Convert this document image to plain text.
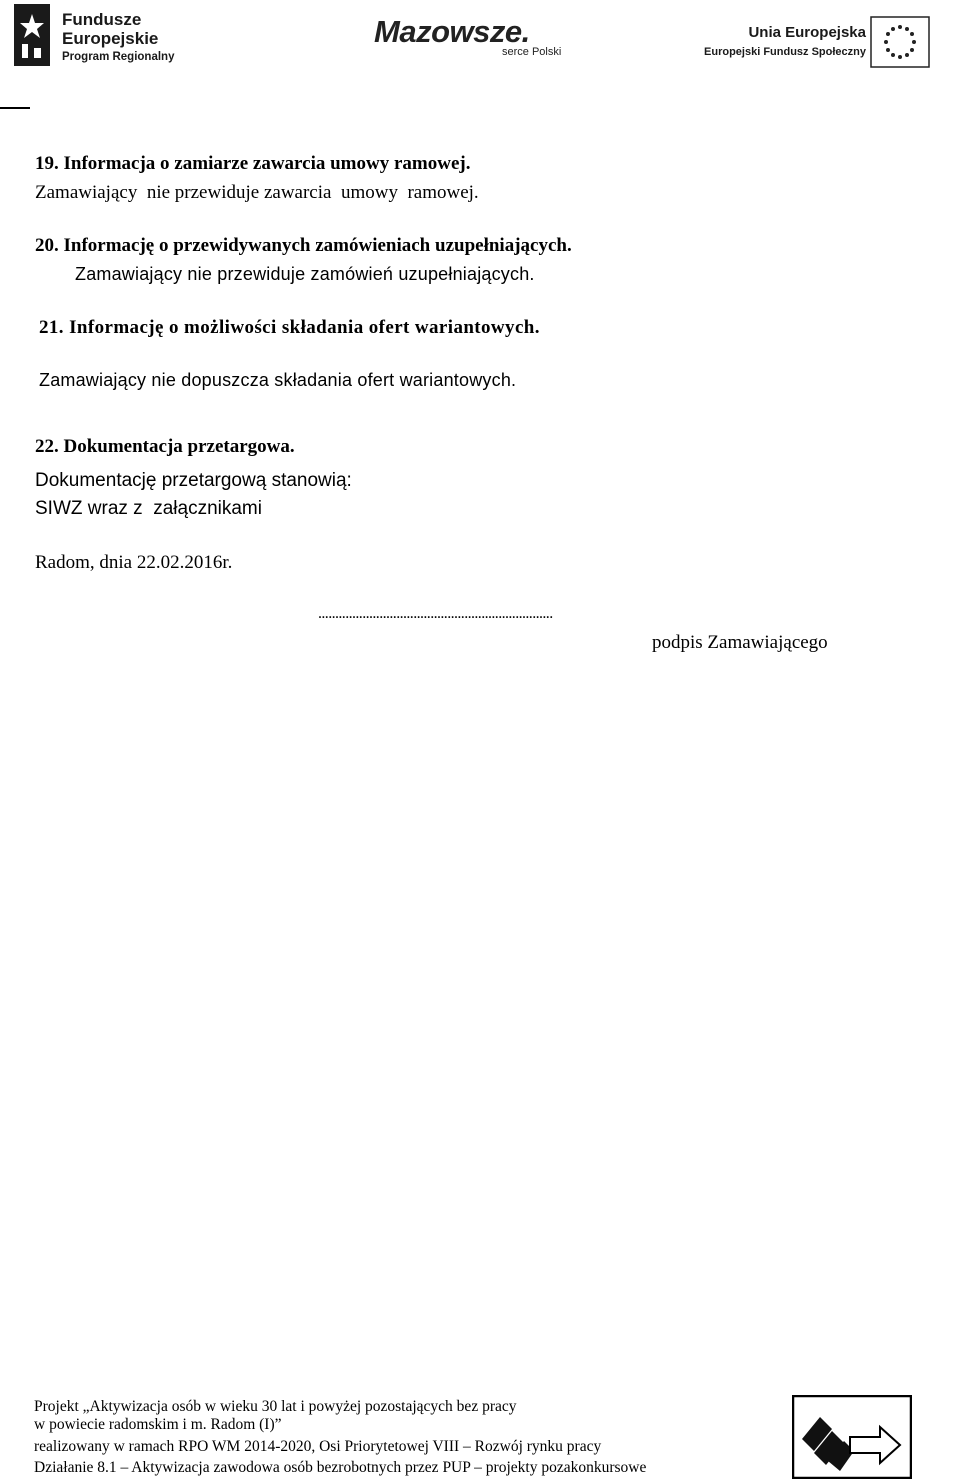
Fundusze
Europejskie
Program Regionalny
Mazowsze.
serce Polski
Unia Europejska
Europejski Fundusz Społeczny
19. Informacja o zamiarze zawarcia umowy ramowej.
Zamawiający  nie przewiduje zawarcia  umowy  ramowej.
20. Informację o przewidywanych zamówieniach uzupełniających.
Zamawiający nie przewiduje zamówień uzupełniających.
21. Informację o możliwości składania ofert wariantowych.
Zamawiający nie dopuszcza składania ofert wariantowych.
22. Dokumentacja przetargowa.
Dokumentację przetargową stanowią:
SIWZ wraz z  załącznikami
Radom, dnia 22.02.2016r.
.....................................................................
podpis Zamawiającego
Projekt „Aktywizacja osób w wieku 30 lat i powyżej pozostających bez pracy
w powiecie radomskim i m. Radom (I)”
realizowany w ramach RPO WM 2014-2020, Osi Priorytetowej VIII – Rozwój rynku pracy
Działanie 8.1 – Aktywizacja zawodowa osób bezrobotnych przez PUP – projekty pozakonkursowe
